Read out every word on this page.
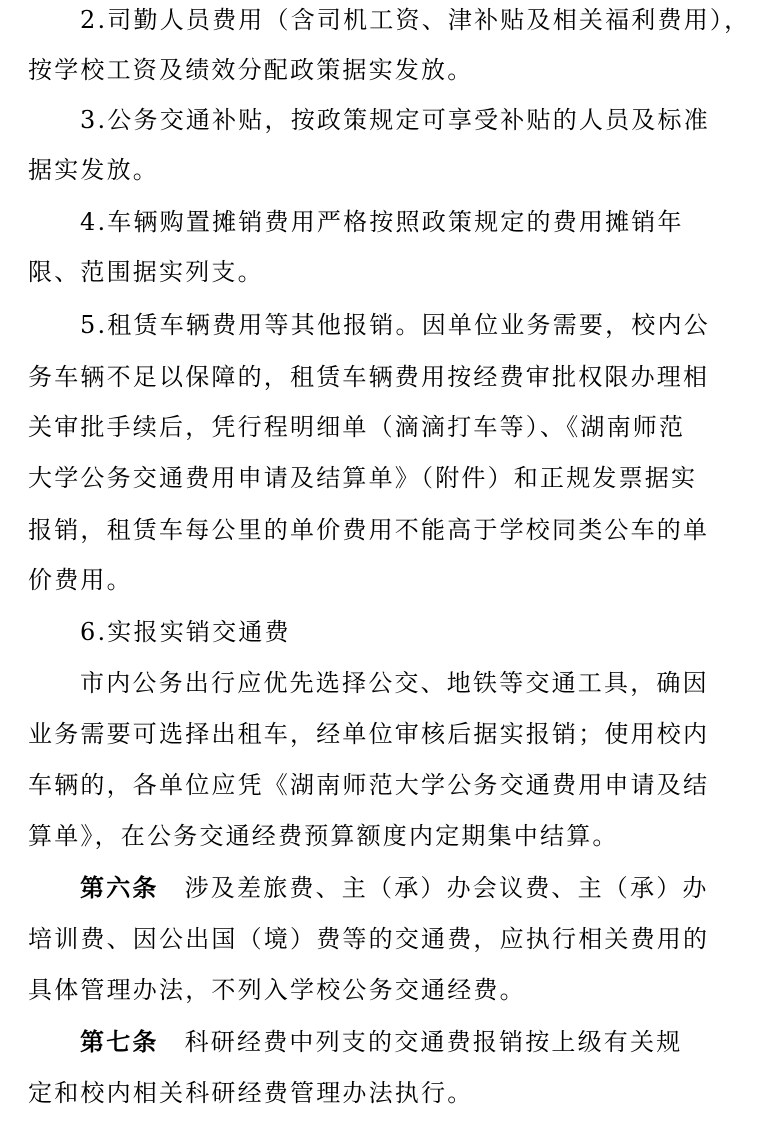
2.司勤人员费用（含司机工资、津补贴及相关福利费用），
按学校工资及绩效分配政策据实发放。
3.公务交通补贴，按政策规定可享受补贴的人员及标准
据实发放。
4.车辆购置摊销费用严格按照政策规定的费用摊销年
限、范围据实列支。
5.租赁车辆费用等其他报销。因单位业务需要，校内公
务车辆不足以保障的，租赁车辆费用按经费审批权限办理相
关审批手续后，凭行程明细单（滴滴打车等）、《湖南师范
大学公务交通费用申请及结算单》（附件）和正规发票据实
报销，租赁车每公里的单价费用不能高于学校同类公车的单
价费用。
6.实报实销交通费
市内公务出行应优先选择公交、地铁等交通工具，确因
业务需要可选择出租车，经单位审核后据实报销；使用校内
车辆的，各单位应凭《湖南师范大学公务交通费用申请及结
算单》，在公务交通经费预算额度内定期集中结算。
第六条 涉及差旅费、主（承）办会议费、主（承）办
培训费、因公出国（境）费等的交通费，应执行相关费用的
具体管理办法，不列入学校公务交通经费。
第七条 科研经费中列支的交通费报销按上级有关规
定和校内相关科研经费管理办法执行。
